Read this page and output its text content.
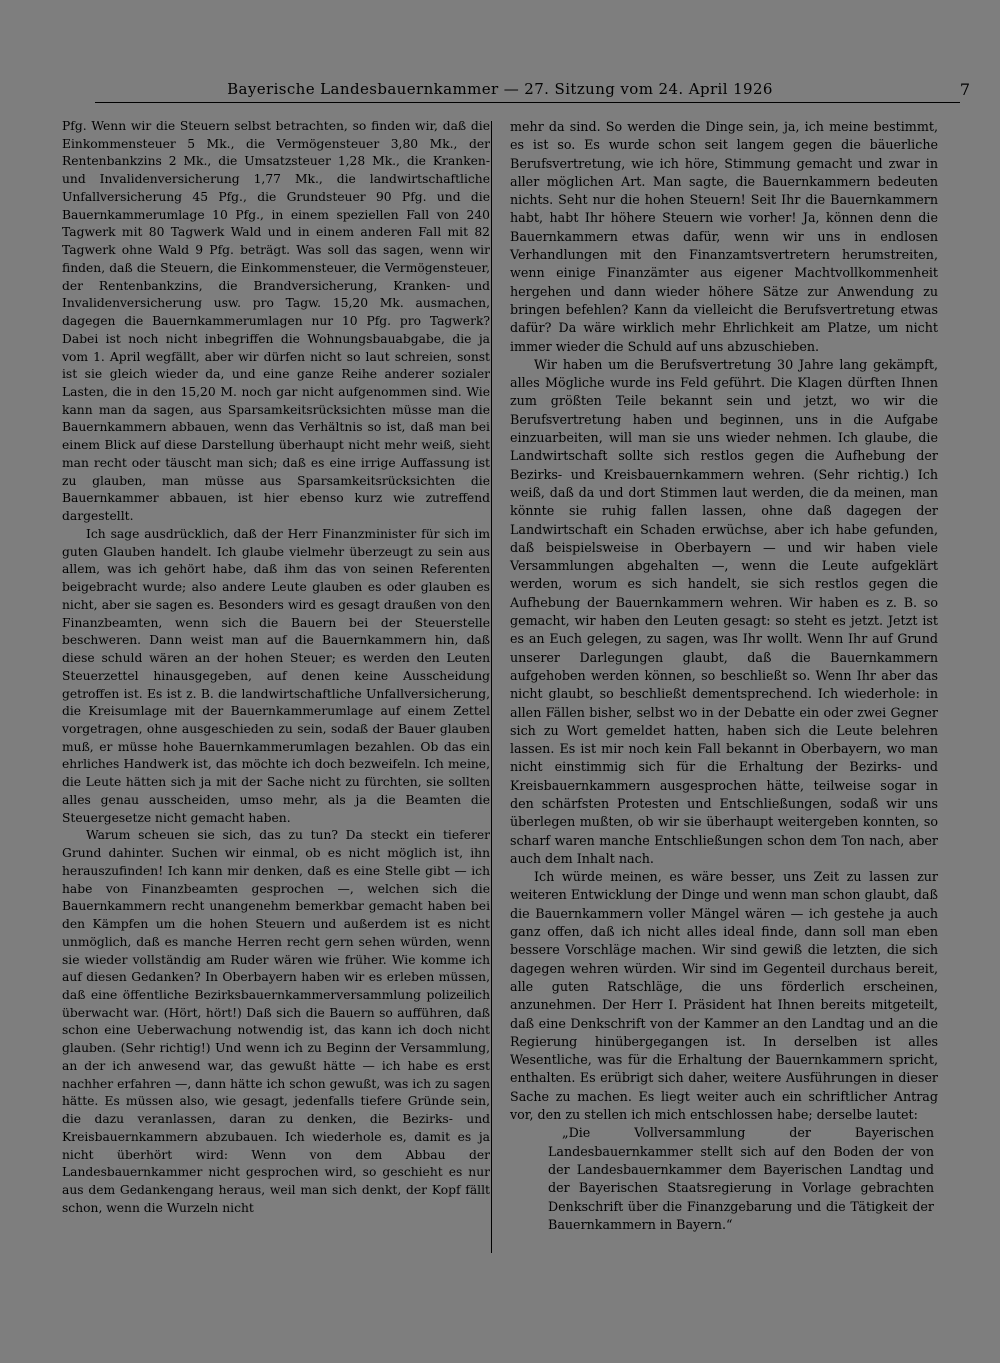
Bayerische Landesbauernkammer — 27. Sitzung vom 24. April 1926	7

Pfg. Wenn wir die Steuern selbst betrachten, so finden wir, daß die Einkommensteuer 5 Mk., die Vermögensteuer 3,80 Mk., der Rentenbankzins 2 Mk., die Umsatzsteuer 1,28 Mk., die Kranken- und Invalidenversicherung 1,77 Mk., die landwirtschaftliche Unfallversicherung 45 Pfg., die Grundsteuer 90 Pfg. und die Bauernkammerumlage 10 Pfg., in einem speziellen Fall von 240 Tagwerk mit 80 Tagwerk Wald und in einem anderen Fall mit 82 Tagwerk ohne Wald 9 Pfg. beträgt. Was soll das sagen, wenn wir finden, daß die Steuern, die Einkommensteuer, die Vermögensteuer, der Rentenbankzins, die Brandversicherung, Kranken- und Invalidenversicherung usw. pro Tagw. 15,20 Mk. ausmachen, dagegen die Bauernkammerumlagen nur 10 Pfg. pro Tagwerk? Dabei ist noch nicht inbegriffen die Wohnungsbauabgabe, die ja vom 1. April wegfällt, aber wir dürfen nicht so laut schreien, sonst ist sie gleich wieder da, und eine ganze Reihe anderer sozialer Lasten, die in den 15,20 M. noch gar nicht aufgenommen sind. Wie kann man da sagen, aus Sparsamkeitsrücksichten müsse man die Bauernkammern abbauen, wenn das Verhältnis so ist, daß man bei einem Blick auf diese Darstellung überhaupt nicht mehr weiß, sieht man recht oder täuscht man sich; daß es eine irrige Auffassung ist zu glauben, man müsse aus Sparsamkeitsrücksichten die Bauernkammer abbauen, ist hier ebenso kurz wie zutreffend dargestellt.

Ich sage ausdrücklich, daß der Herr Finanzminister für sich im guten Glauben handelt. Ich glaube vielmehr überzeugt zu sein aus allem, was ich gehört habe, daß ihm das von seinen Referenten beigebracht wurde; also andere Leute glauben es oder glauben es nicht, aber sie sagen es. Besonders wird es gesagt draußen von den Finanzbeamten, wenn sich die Bauern bei der Steuerstelle beschweren. Dann weist man auf die Bauernkammern hin, daß diese schuld wären an der hohen Steuer; es werden den Leuten Steuerzettel hinausgegeben, auf denen keine Ausscheidung getroffen ist. Es ist z. B. die landwirtschaftliche Unfallversicherung, die Kreisumlage mit der Bauernkammerumlage auf einem Zettel vorgetragen, ohne ausgeschieden zu sein, sodaß der Bauer glauben muß, er müsse hohe Bauernkammerumlagen bezahlen. Ob das ein ehrliches Handwerk ist, das möchte ich doch bezweifeln. Ich meine, die Leute hätten sich ja mit der Sache nicht zu fürchten, sie sollten alles genau ausscheiden, umso mehr, als ja die Beamten die Steuergesetze nicht gemacht haben.

Warum scheuen sie sich, das zu tun? Da steckt ein tieferer Grund dahinter. Suchen wir einmal, ob es nicht möglich ist, ihn herauszufinden! Ich kann mir denken, daß es eine Stelle gibt — ich habe von Finanzbeamten gesprochen —, welchen sich die Bauernkammern recht unangenehm bemerkbar gemacht haben bei den Kämpfen um die hohen Steuern und außerdem ist es nicht unmöglich, daß es manche Herren recht gern sehen würden, wenn sie wieder vollständig am Ruder wären wie früher. Wie komme ich auf diesen Gedanken? In Oberbayern haben wir es erleben müssen, daß eine öffentliche Bezirksbauernkammerversammlung polizeilich überwacht war. (Hört, hört!) Daß sich die Bauern so aufführen, daß schon eine Ueberwachung notwendig ist, das kann ich doch nicht glauben. (Sehr richtig!) Und wenn ich zu Beginn der Versammlung, an der ich anwesend war, das gewußt hätte — ich habe es erst nachher erfahren —, dann hätte ich schon gewußt, was ich zu sagen hätte. Es müssen also, wie gesagt, jedenfalls tiefere Gründe sein, die dazu veranlassen, daran zu denken, die Bezirks- und Kreisbauernkammern abzubauen. Ich wiederhole es, damit es ja nicht überhört wird: Wenn von dem Abbau der Landesbauernkammer nicht gesprochen wird, so geschieht es nur aus dem Gedankengang heraus, weil man sich denkt, der Kopf fällt schon, wenn die Wurzeln nicht

mehr da sind. So werden die Dinge sein, ja, ich meine bestimmt, es ist so. Es wurde schon seit langem gegen die bäuerliche Berufsvertretung, wie ich höre, Stimmung gemacht und zwar in aller möglichen Art. Man sagte, die Bauernkammern bedeuten nichts. Seht nur die hohen Steuern! Seit Ihr die Bauernkammern habt, habt Ihr höhere Steuern wie vorher! Ja, können denn die Bauernkammern etwas dafür, wenn wir uns in endlosen Verhandlungen mit den Finanzamtsvertretern herumstreiten, wenn einige Finanzämter aus eigener Machtvollkommenheit hergehen und dann wieder höhere Sätze zur Anwendung zu bringen befehlen? Kann da vielleicht die Berufsvertretung etwas dafür? Da wäre wirklich mehr Ehrlichkeit am Platze, um nicht immer wieder die Schuld auf uns abzuschieben.

Wir haben um die Berufsvertretung 30 Jahre lang gekämpft, alles Mögliche wurde ins Feld geführt. Die Klagen dürften Ihnen zum größten Teile bekannt sein und jetzt, wo wir die Berufsvertretung haben und beginnen, uns in die Aufgabe einzuarbeiten, will man sie uns wieder nehmen. Ich glaube, die Landwirtschaft sollte sich restlos gegen die Aufhebung der Bezirks- und Kreisbauernkammern wehren. (Sehr richtig.) Ich weiß, daß da und dort Stimmen laut werden, die da meinen, man könnte sie ruhig fallen lassen, ohne daß dagegen der Landwirtschaft ein Schaden erwüchse, aber ich habe gefunden, daß beispielsweise in Oberbayern — und wir haben viele Versammlungen abgehalten —, wenn die Leute aufgeklärt werden, worum es sich handelt, sie sich restlos gegen die Aufhebung der Bauernkammern wehren. Wir haben es z. B. so gemacht, wir haben den Leuten gesagt: so steht es jetzt. Jetzt ist es an Euch gelegen, zu sagen, was Ihr wollt. Wenn Ihr auf Grund unserer Darlegungen glaubt, daß die Bauernkammern aufgehoben werden können, so beschließt so. Wenn Ihr aber das nicht glaubt, so beschließt dementsprechend. Ich wiederhole: in allen Fällen bisher, selbst wo in der Debatte ein oder zwei Gegner sich zu Wort gemeldet hatten, haben sich die Leute belehren lassen. Es ist mir noch kein Fall bekannt in Oberbayern, wo man nicht einstimmig sich für die Erhaltung der Bezirks- und Kreisbauernkammern ausgesprochen hätte, teilweise sogar in den schärfsten Protesten und Entschließungen, sodaß wir uns überlegen mußten, ob wir sie überhaupt weitergeben konnten, so scharf waren manche Entschließungen schon dem Ton nach, aber auch dem Inhalt nach.

Ich würde meinen, es wäre besser, uns Zeit zu lassen zur weiteren Entwicklung der Dinge und wenn man schon glaubt, daß die Bauernkammern voller Mängel wären — ich gestehe ja auch ganz offen, daß ich nicht alles ideal finde, dann soll man eben bessere Vorschläge machen. Wir sind gewiß die letzten, die sich dagegen wehren würden. Wir sind im Gegenteil durchaus bereit, alle guten Ratschläge, die uns förderlich erscheinen, anzunehmen. Der Herr I. Präsident hat Ihnen bereits mitgeteilt, daß eine Denkschrift von der Kammer an den Landtag und an die Regierung hinübergegangen ist. In derselben ist alles Wesentliche, was für die Erhaltung der Bauernkammern spricht, enthalten. Es erübrigt sich daher, weitere Ausführungen in dieser Sache zu machen. Es liegt weiter auch ein schriftlicher Antrag vor, den zu stellen ich mich entschlossen habe; derselbe lautet:

„Die Vollversammlung der Bayerischen Landesbauernkammer stellt sich auf den Boden der von der Landesbauernkammer dem Bayerischen Landtag und der Bayerischen Staatsregierung in Vorlage gebrachten Denkschrift über die Finanzgebarung und die Tätigkeit der Bauernkammern in Bayern.“
